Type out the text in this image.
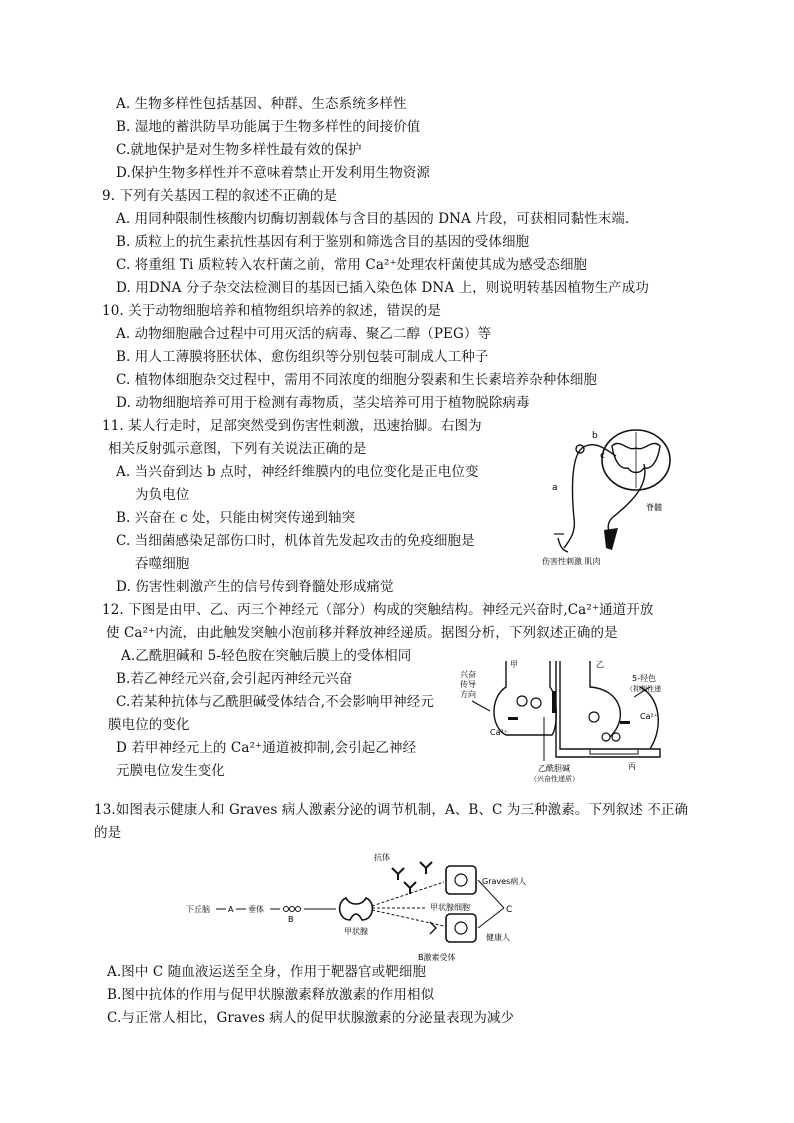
A. 生物多样性包括基因、种群、生态系统多样性
B. 湿地的蓄洪防旱功能属于生物多样性的间接价值
C.就地保护是对生物多样性最有效的保护
D.保护生物多样性并不意味着禁止开发利用生物资源
9. 下列有关基因工程的叙述不正确的是
A. 用同种限制性核酸内切酶切割载体与含目的基因的 DNA 片段，可获相同黏性末端.
B. 质粒上的抗生素抗性基因有利于鉴别和筛选含目的基因的受体细胞
C. 将重组 Ti 质粒转入农杆菌之前，常用 Ca²⁺处理农杆菌使其成为感受态细胞
D. 用DNA 分子杂交法检测目的基因已插入染色体 DNA 上，则说明转基因植物生产成功
10. 关于动物细胞培养和植物组织培养的叙述，错误的是
A. 动物细胞融合过程中可用灭活的病毒、聚乙二醇（PEG）等
B. 用人工薄膜将胚状体、愈伤组织等分别包装可制成人工种子
C. 植物体细胞杂交过程中，需用不同浓度的细胞分裂素和生长素培养杂种体细胞
D. 动物细胞培养可用于检测有毒物质，茎尖培养可用于植物脱除病毒
11. 某人行走时，足部突然受到伤害性刺激，迅速抬脚。右图为
相关反射弧示意图，下列有关说法正确的是
A. 当兴奋到达 b 点时，神经纤维膜内的电位变化是正电位变
为负电位
B. 兴奋在 c 处，只能由树突传递到轴突
C. 当细菌感染足部伤口时，机体首先发起攻击的免疫细胞是
吞噬细胞
D. 伤害性刺激产生的信号传到脊髓处形成痛觉
a
b
c
脊髓
伤害性刺激 肌肉
12. 下图是由甲、乙、丙三个神经元（部分）构成的突触结构。神经元兴奋时,Ca²⁺通道开放
使 Ca²⁺内流，由此触发突触小泡前移并释放神经递质。据图分析，下列叙述正确的是
A.乙酰胆碱和 5-轻色胺在突触后膜上的受体相同
B.若乙神经元兴奋,会引起丙神经元兴奋
C.若某种抗体与乙酰胆碱受体结合,不会影响甲神经元
膜电位的变化
D 若甲神经元上的 Ca²⁺通道被抑制,会引起乙神经
元膜电位发生变化
甲	乙
兴奋
传导
方向
Ca²⁺
Ca²⁺
5-羟色
（抑制性递
乙酰胆碱
（兴奋性递质）
丙
13.如图表示健康人和 Graves 病人激素分泌的调节机制，A、B、C 为三种激素。下列叙述 不正确
的是
抗体
Graves病人
下丘脑 A 垂体
B
甲状腺
甲状腺细胞	C
健康人
B激素受体
A.图中 C 随血液运送至全身，作用于靶器官或靶细胞
B.图中抗体的作用与促甲状腺激素释放激素的作用相似
C.与正常人相比，Graves 病人的促甲状腺激素的分泌量表现为减少
